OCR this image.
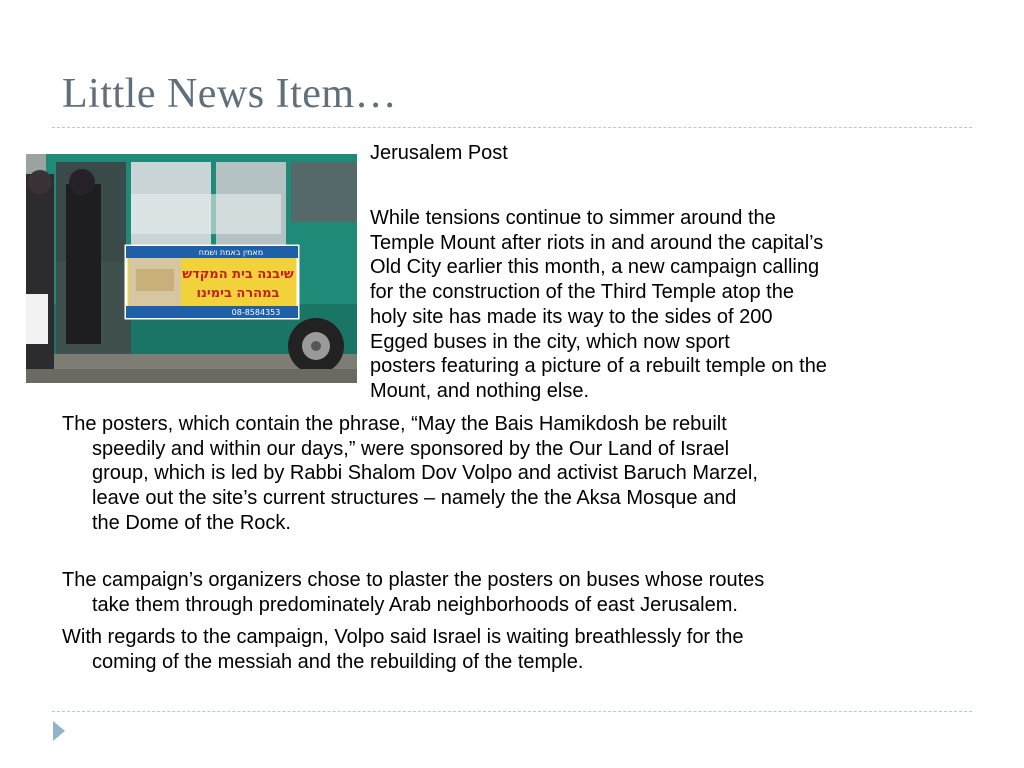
Little News Item…
מאמין באמת ושמח
שיבנה בית המקדש
במהרה בימינו
08-8584353
Jerusalem Post
While tensions continue to simmer around the
Temple Mount after riots in and around the capital’s
Old City earlier this month, a new campaign calling
for the construction of the Third Temple atop the
holy site has made its way to the sides of 200
Egged buses in the city, which now sport
posters featuring a picture of a rebuilt temple on the
Mount, and nothing else.
The posters, which contain the phrase, “May the Bais Hamikdosh be rebuilt
speedily and within our days,” were sponsored by the Our Land of Israel
group, which is led by Rabbi Shalom Dov Volpo and activist Baruch Marzel,
leave out the site’s current structures – namely the the Aksa Mosque and
the Dome of the Rock.
The campaign’s organizers chose to plaster the posters on buses whose routes
take them through predominately Arab neighborhoods of east Jerusalem.
With regards to the campaign, Volpo said Israel is waiting breathlessly for the
coming of the messiah and the rebuilding of the temple.
